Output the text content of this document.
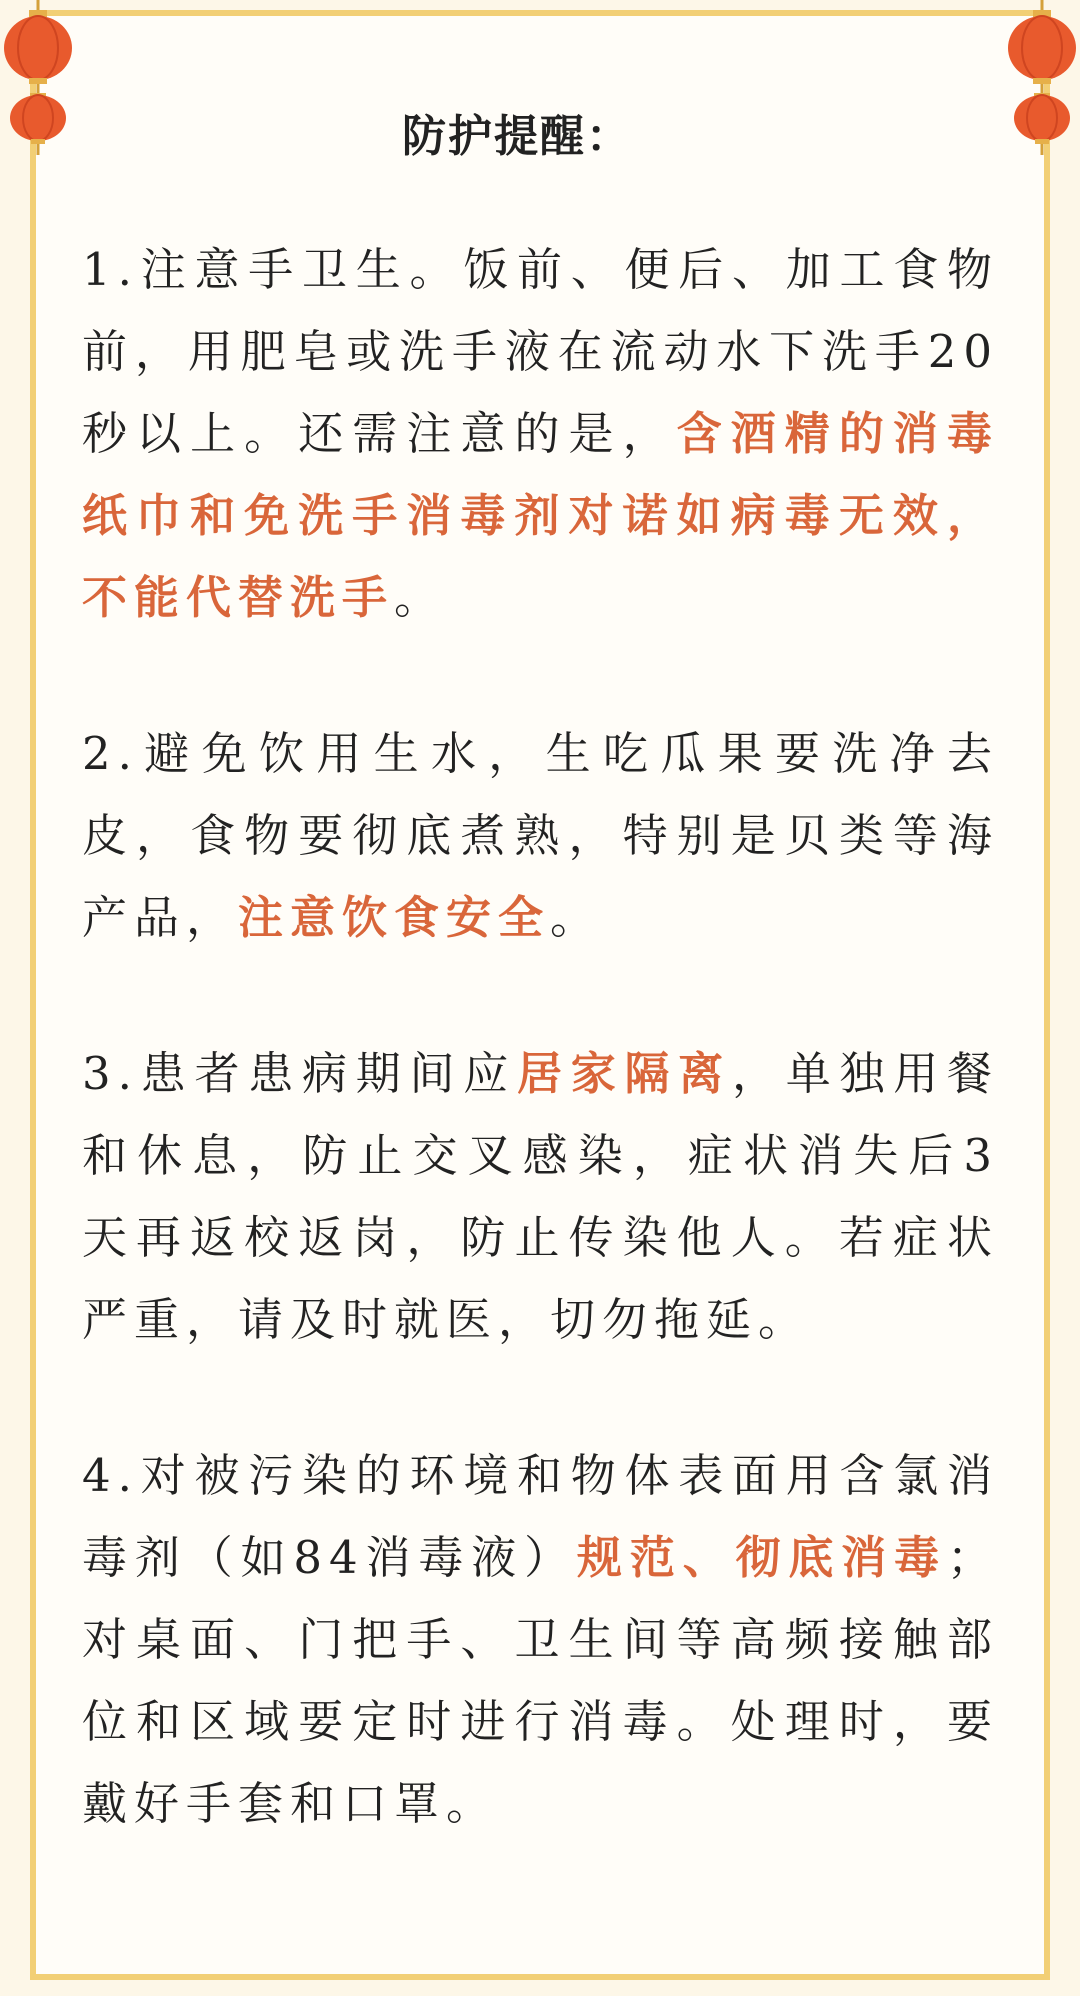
防护提醒：

1.注意手卫生。饭前、便后、加工食物前，用肥皂或洗手液在流动水下洗手20秒以上。还需注意的是，含酒精的消毒纸巾和免洗手消毒剂对诺如病毒无效，不能代替洗手。

2.避免饮用生水，生吃瓜果要洗净去皮，食物要彻底煮熟，特别是贝类等海产品，注意饮食安全。

3.患者患病期间应居家隔离，单独用餐和休息，防止交叉感染，症状消失后3天再返校返岗，防止传染他人。若症状严重，请及时就医，切勿拖延。

4.对被污染的环境和物体表面用含氯消毒剂（如84消毒液）规范、彻底消毒；对桌面、门把手、卫生间等高频接触部位和区域要定时进行消毒。处理时，要戴好手套和口罩。
